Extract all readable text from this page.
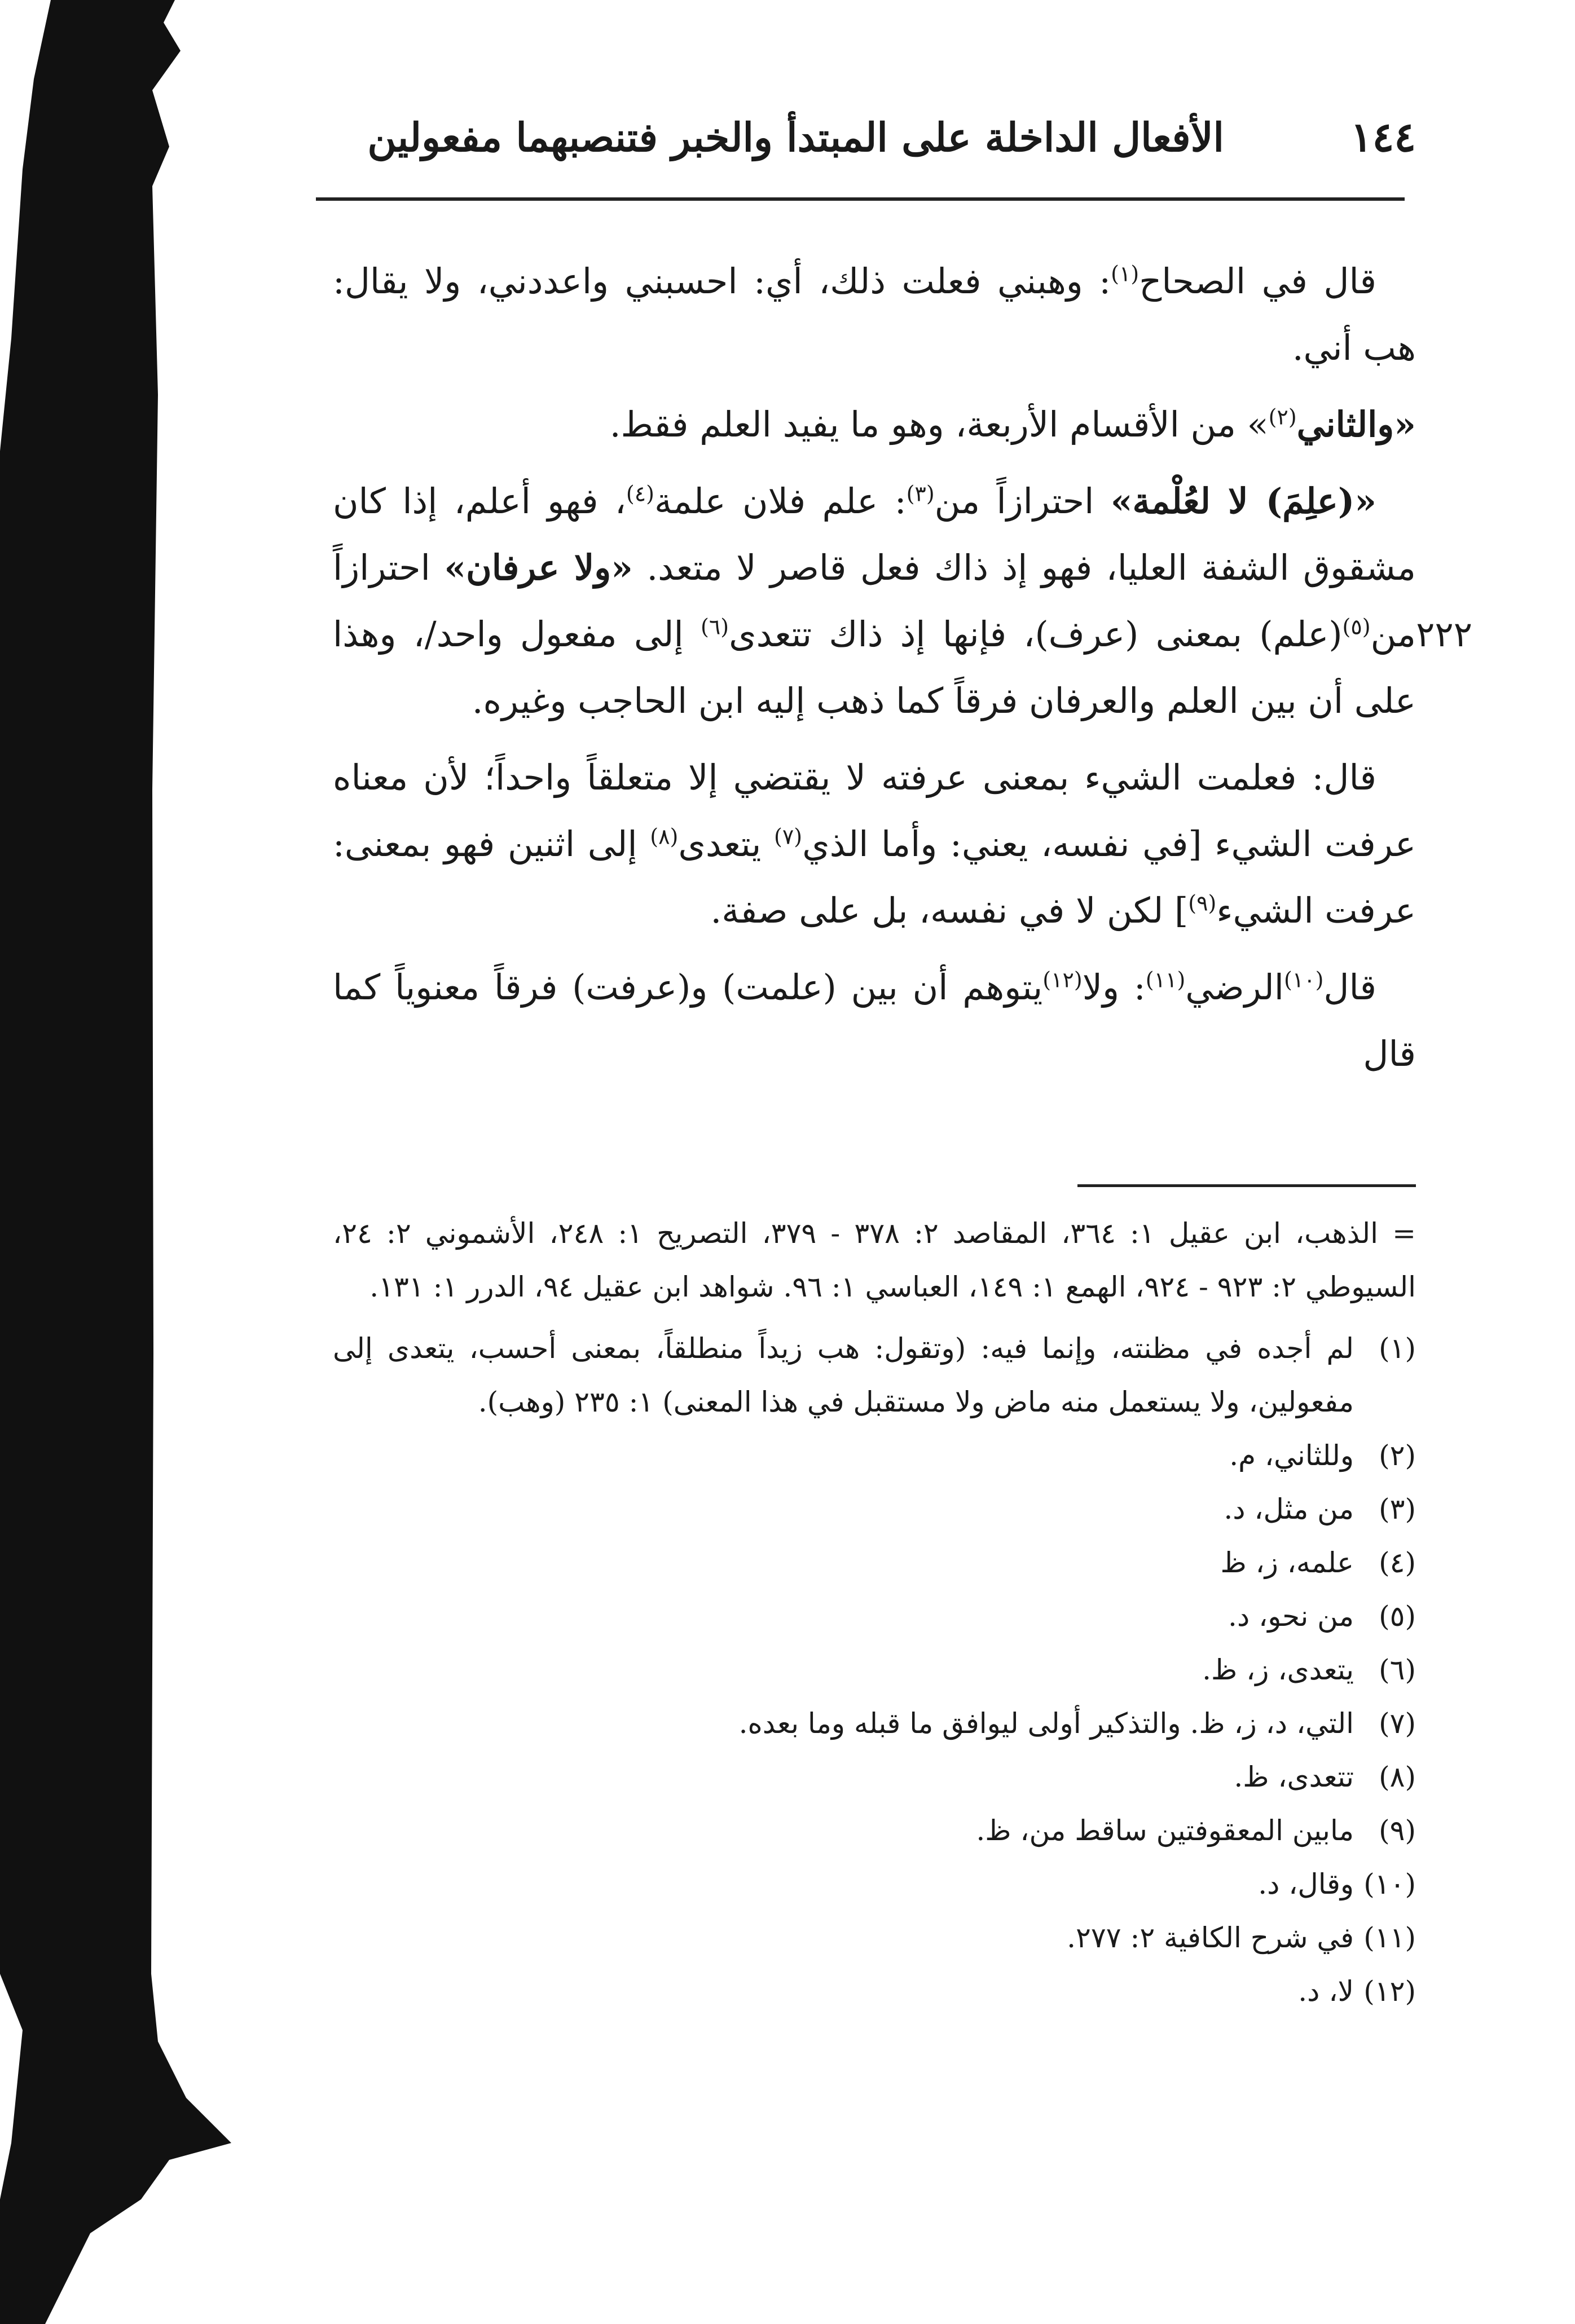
١٤٤
الأفعال الداخلة على المبتدأ والخبر فتنصبهما مفعولين

قال في الصحاح$^{(١)}$: وهبني فعلت ذلك، أي: احسبني واعددني، ولا يقال: هب أني.

«والثاني$^{(٢)}$» من الأقسام الأربعة، وهو ما يفيد العلم فقط.

«(علِمَ) لا لعُلْمة» احترازاً من$^{(٣)}$: علم فلان علمة$^{(٤)}$، فهو أعلم، إذا كان مشقوق الشفة العليا، فهو إذ ذاك فعل قاصر لا متعد. «ولا عرفان» احترازاً من$^{(٥)}$(علم) بمعنى (عرف)، فإنها إذ ذاك تتعدى$^{(٦)}$ إلى مفعول واحد/، وهذا على أن بين العلم والعرفان فرقاً كما ذهب إليه ابن الحاجب وغيره.
٢٢٢

قال: فعلمت الشيء بمعنى عرفته لا يقتضي إلا متعلقاً واحداً؛ لأن معناه عرفت الشيء [في نفسه، يعني: وأما الذي$^{(٧)}$ يتعدى$^{(٨)}$ إلى اثنين فهو بمعنى: عرفت الشيء$^{(٩)}$] لكن لا في نفسه، بل على صفة.

قال$^{(١٠)}$الرضي$^{(١١)}$: ولا$^{(١٢)}$يتوهم أن بين (علمت) و(عرفت) فرقاً معنوياً كما قال

= الذهب، ابن عقيل ١: ٣٦٤، المقاصد ٢: ٣٧٨ - ٣٧٩، التصريح ١: ٢٤٨، الأشموني ٢: ٢٤، السيوطي ٢: ٩٢٣ - ٩٢٤، الهمع ١: ١٤٩، العباسي ١: ٩٦. شواهد ابن عقيل ٩٤، الدرر ١: ١٣١.

(١)
لم أجده في مظنته، وإنما فيه: (وتقول: هب زيداً منطلقاً، بمعنى أحسب، يتعدى إلى مفعولين، ولا يستعمل منه ماض ولا مستقبل في هذا المعنى) ١: ٢٣٥ (وهب).
(٢)
وللثاني، م.
(٣)
من مثل، د.
(٤)
علمه، ز، ظ
(٥)
من نحو، د.
(٦)
يتعدى، ز، ظ.
(٧)
التي، د، ز، ظ. والتذكير أولى ليوافق ما قبله وما بعده.
(٨)
تتعدى، ظ.
(٩)
مابين المعقوفتين ساقط من، ظ.
(١٠)
وقال، د.
(١١)
في شرح الكافية ٢: ٢٧٧.
(١٢)
لا، د.
